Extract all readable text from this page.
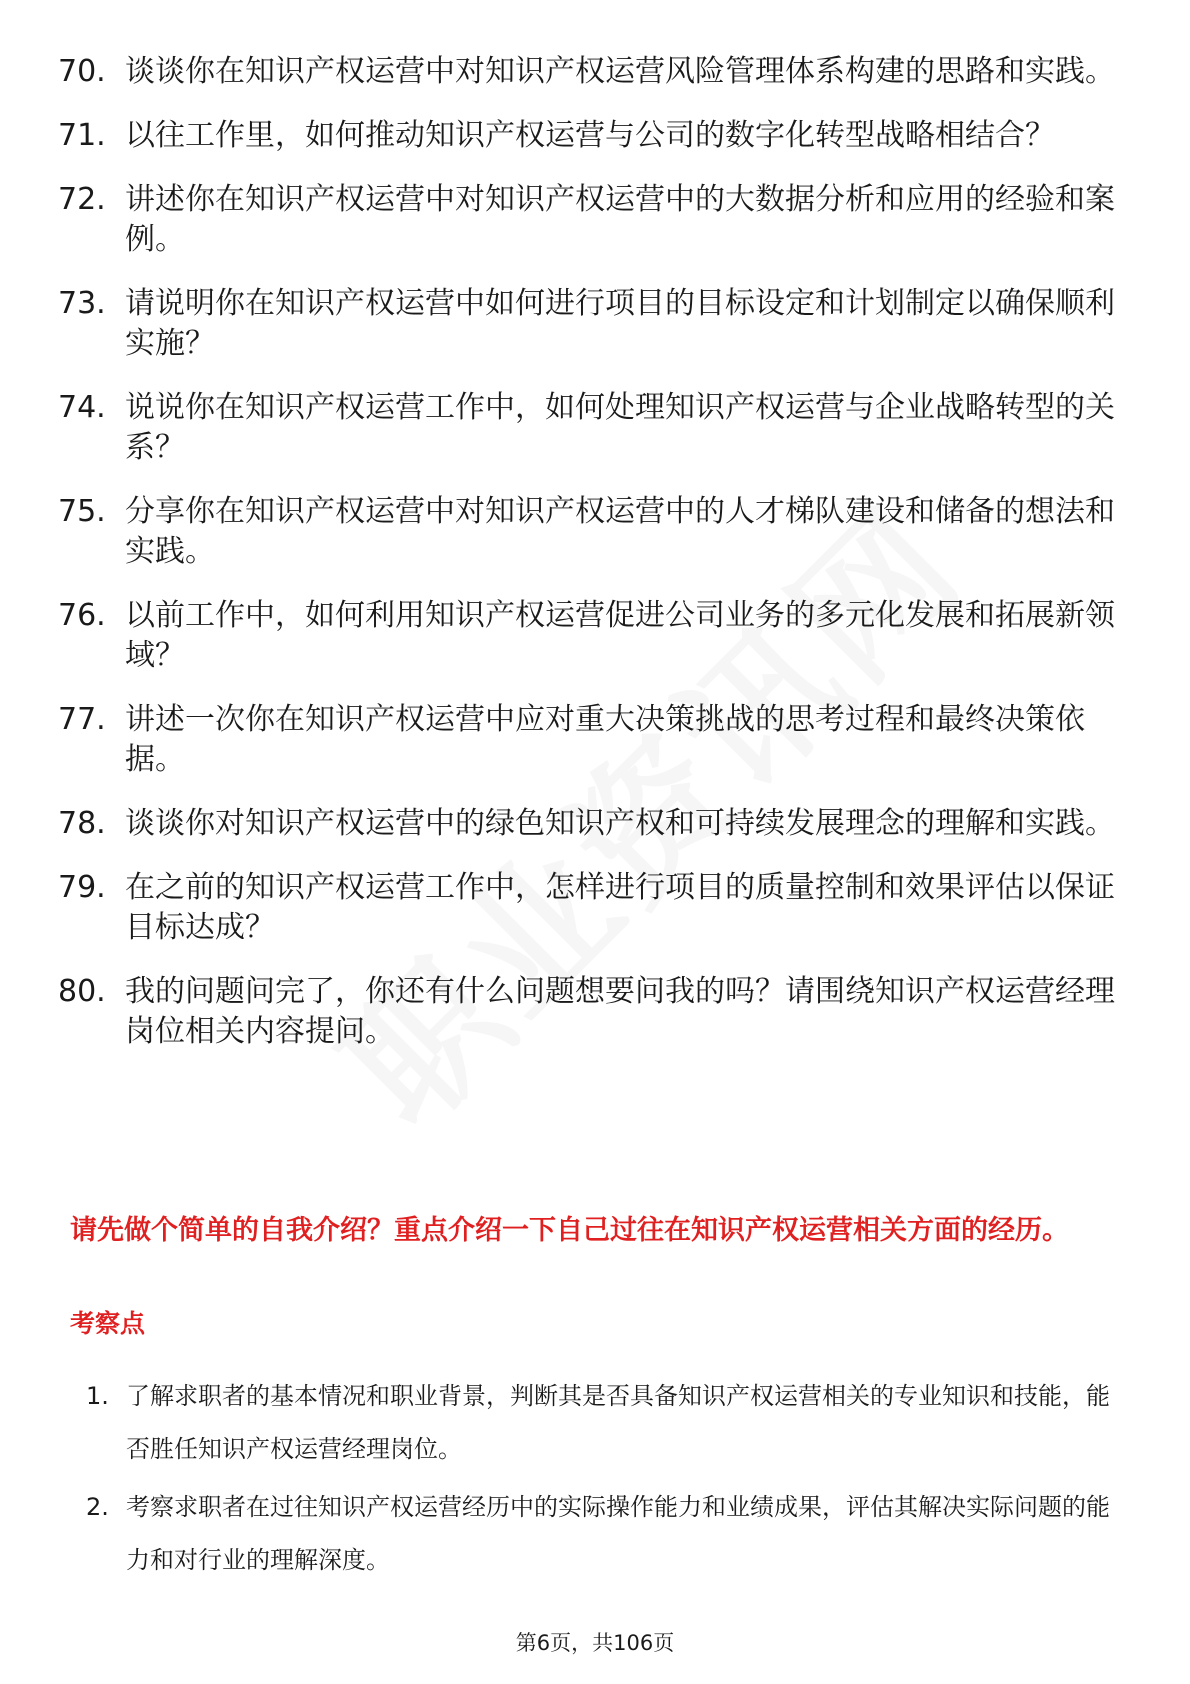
70. 谈谈你在知识产权运营中对知识产权运营风险管理体系构建的思路和实践。
71. 以往工作里，如何推动知识产权运营与公司的数字化转型战略相结合？
72. 讲述你在知识产权运营中对知识产权运营中的大数据分析和应用的经验和案例。
73. 请说明你在知识产权运营中如何进行项目的目标设定和计划制定以确保顺利实施？
74. 说说你在知识产权运营工作中，如何处理知识产权运营与企业战略转型的关系？
75. 分享你在知识产权运营中对知识产权运营中的人才梯队建设和储备的想法和实践。
76. 以前工作中，如何利用知识产权运营促进公司业务的多元化发展和拓展新领域？
77. 讲述一次你在知识产权运营中应对重大决策挑战的思考过程和最终决策依据。
78. 谈谈你对知识产权运营中的绿色知识产权和可持续发展理念的理解和实践。
79. 在之前的知识产权运营工作中，怎样进行项目的质量控制和效果评估以保证目标达成？
80. 我的问题问完了，你还有什么问题想要问我的吗？请围绕知识产权运营经理岗位相关内容提问。
请先做个简单的自我介绍？重点介绍一下自己过往在知识产权运营相关方面的经历。
考察点
1. 了解求职者的基本情况和职业背景，判断其是否具备知识产权运营相关的专业知识和技能，能否胜任知识产权运营经理岗位。
2. 考察求职者在过往知识产权运营经历中的实际操作能力和业绩成果，评估其解决实际问题的能力和对行业的理解深度。
第6页，共106页
